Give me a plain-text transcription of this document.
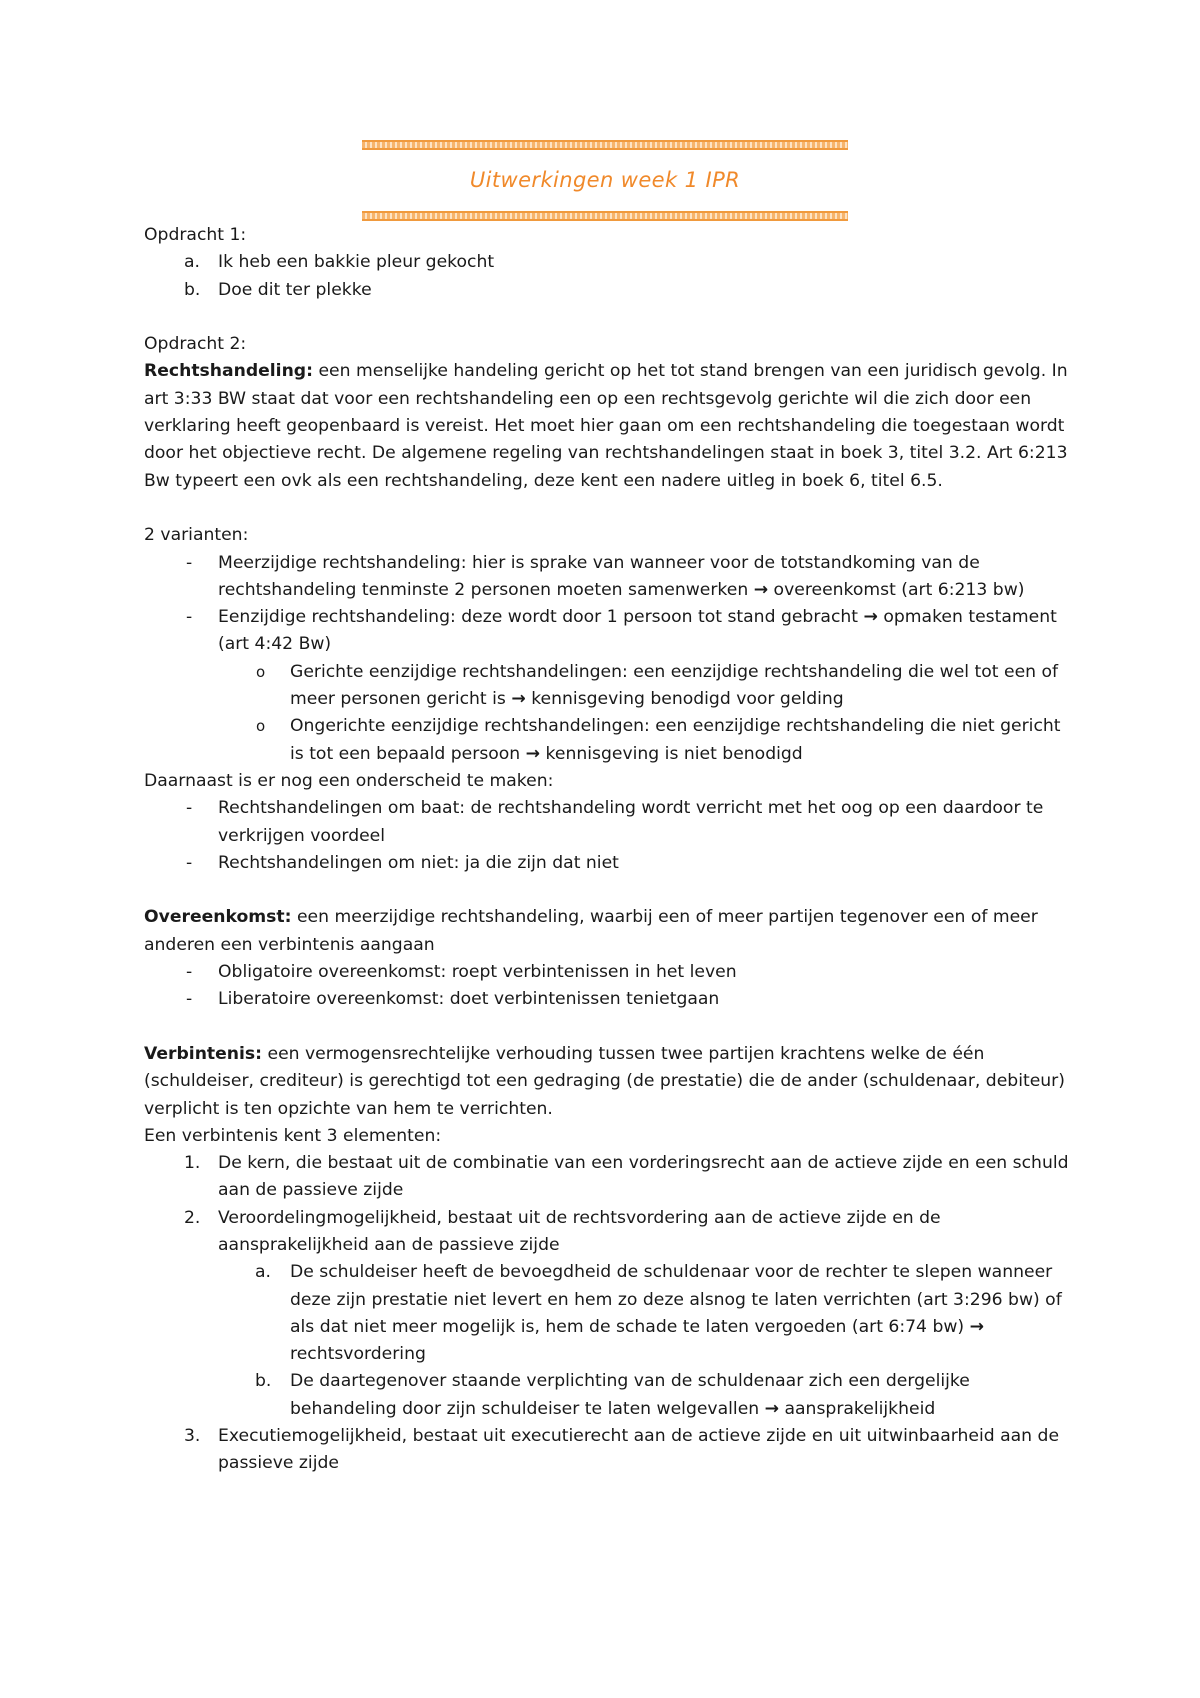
Uitwerkingen week 1 IPR

Opdracht 1:

a. Ik heb een bakkie pleur gekocht
b. Doe dit ter plekke

Opdracht 2:

Rechtshandeling: een menselijke handeling gericht op het tot stand brengen van een juridisch gevolg. In art 3:33 BW staat dat voor een rechtshandeling een op een rechtsgevolg gerichte wil die zich door een verklaring heeft geopenbaard is vereist. Het moet hier gaan om een rechtshandeling die toegestaan wordt door het objectieve recht. De algemene regeling van rechtshandelingen staat in boek 3, titel 3.2. Art 6:213 Bw typeert een ovk als een rechtshandeling, deze kent een nadere uitleg in boek 6, titel 6.5.

2 varianten:

- Meerzijdige rechtshandeling: hier is sprake van wanneer voor de totstandkoming van de rechtshandeling tenminste 2 personen moeten samenwerken → overeenkomst (art 6:213 bw)
- Eenzijdige rechtshandeling: deze wordt door 1 persoon tot stand gebracht → opmaken testament (art 4:42 Bw)
o Gerichte eenzijdige rechtshandelingen: een eenzijdige rechtshandeling die wel tot een of meer personen gericht is → kennisgeving benodigd voor gelding
o Ongerichte eenzijdige rechtshandelingen: een eenzijdige rechtshandeling die niet gericht is tot een bepaald persoon → kennisgeving is niet benodigd

Daarnaast is er nog een onderscheid te maken:

- Rechtshandelingen om baat: de rechtshandeling wordt verricht met het oog op een daardoor te verkrijgen voordeel
- Rechtshandelingen om niet: ja die zijn dat niet

Overeenkomst: een meerzijdige rechtshandeling, waarbij een of meer partijen tegenover een of meer anderen een verbintenis aangaan

- Obligatoire overeenkomst: roept verbintenissen in het leven
- Liberatoire overeenkomst: doet verbintenissen tenietgaan

Verbintenis: een vermogensrechtelijke verhouding tussen twee partijen krachtens welke de één (schuldeiser, crediteur) is gerechtigd tot een gedraging (de prestatie) die de ander (schuldenaar, debiteur) verplicht is ten opzichte van hem te verrichten.

Een verbintenis kent 3 elementen:

1. De kern, die bestaat uit de combinatie van een vorderingsrecht aan de actieve zijde en een schuld aan de passieve zijde
2. Veroordelingmogelijkheid, bestaat uit de rechtsvordering aan de actieve zijde en de aansprakelijkheid aan de passieve zijde
a. De schuldeiser heeft de bevoegdheid de schuldenaar voor de rechter te slepen wanneer deze zijn prestatie niet levert en hem zo deze alsnog te laten verrichten (art 3:296 bw) of als dat niet meer mogelijk is, hem de schade te laten vergoeden (art 6:74 bw) → rechtsvordering
b. De daartegenover staande verplichting van de schuldenaar zich een dergelijke behandeling door zijn schuldeiser te laten welgevallen → aansprakelijkheid
3. Executiemogelijkheid, bestaat uit executierecht aan de actieve zijde en uit uitwinbaarheid aan de passieve zijde
